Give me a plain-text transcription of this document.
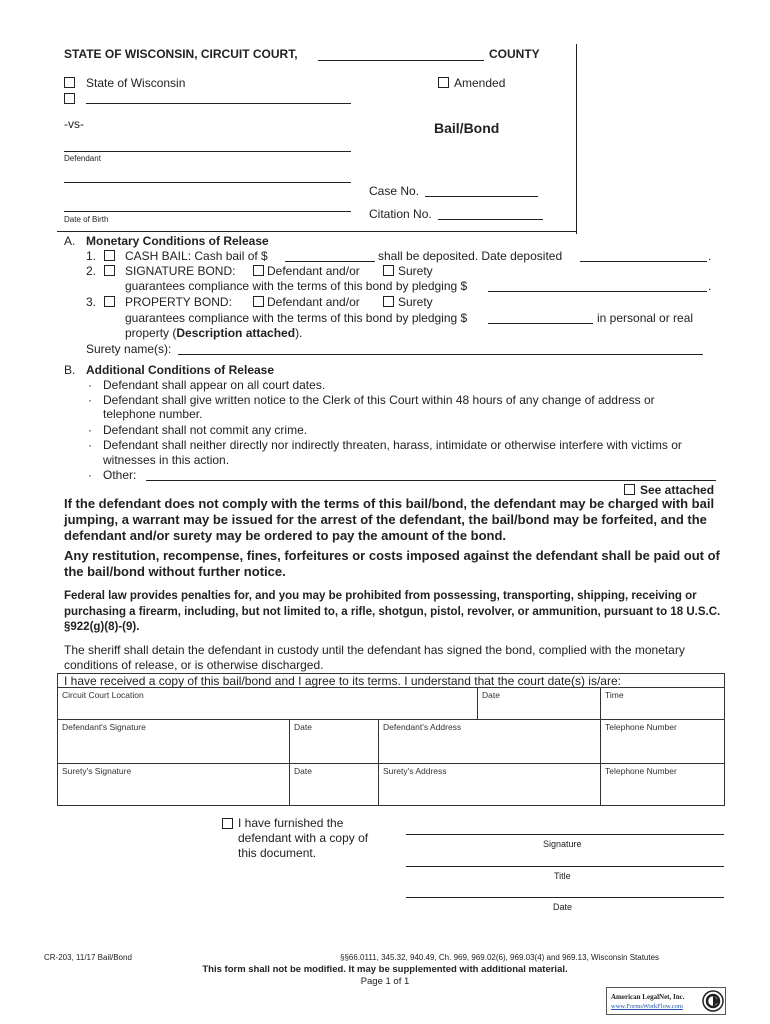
STATE OF WISCONSIN, CIRCUIT COURT,	COUNTY
State of Wisconsin	Amended
-vs-	Bail/Bond
Defendant
Case No.
Date of Birth	Citation No.
A. Monetary Conditions of Release
1. CASH BAIL: Cash bail of $	shall be deposited. Date deposited	.
2. SIGNATURE BOND:	Defendant and/or	Surety
guarantees compliance with the terms of this bond by pledging $	.
3. PROPERTY BOND:	Defendant and/or	Surety
guarantees compliance with the terms of this bond by pledging $	in personal or real
property (Description attached).
Surety name(s):
B. Additional Conditions of Release
· Defendant shall appear on all court dates.
· Defendant shall give written notice to the Clerk of this Court within 48 hours of any change of address or
telephone number.
· Defendant shall not commit any crime.
· Defendant shall neither directly nor indirectly threaten, harass, intimidate or otherwise interfere with victims or
witnesses in this action.
· Other:
See attached
If the defendant does not comply with the terms of this bail/bond, the defendant may be charged with bail jumping, a warrant may be issued for the arrest of the defendant, the bail/bond may be forfeited, and the defendant and/or surety may be ordered to pay the amount of the bond.
Any restitution, recompense, fines, forfeitures or costs imposed against the defendant shall be paid out of the bail/bond without further notice.
Federal law provides penalties for, and you may be prohibited from possessing, transporting, shipping, receiving or purchasing a firearm, including, but not limited to, a rifle, shotgun, pistol, revolver, or ammunition, pursuant to 18 U.S.C. §922(g)(8)-(9).
The sheriff shall detain the defendant in custody until the defendant has signed the bond, complied with the monetary conditions of release, or is otherwise discharged.
I have received a copy of this bail/bond and I agree to its terms. I understand that the court date(s) is/are:
Circuit Court Location	Date	Time
Defendant's Signature	Date	Defendant's Address	Telephone Number
Surety's Signature	Date	Surety's Address	Telephone Number
I have furnished the defendant with a copy of this document.
Signature
Title
Date
CR-203, 11/17 Bail/Bond	§§66.0111, 345.32, 940.49, Ch. 969, 969.02(6), 969.03(4) and 969.13, Wisconsin Statutes
This form shall not be modified. It may be supplemented with additional material.
Page 1 of 1
American LegalNet, Inc.
www.FormsWorkFlow.com
